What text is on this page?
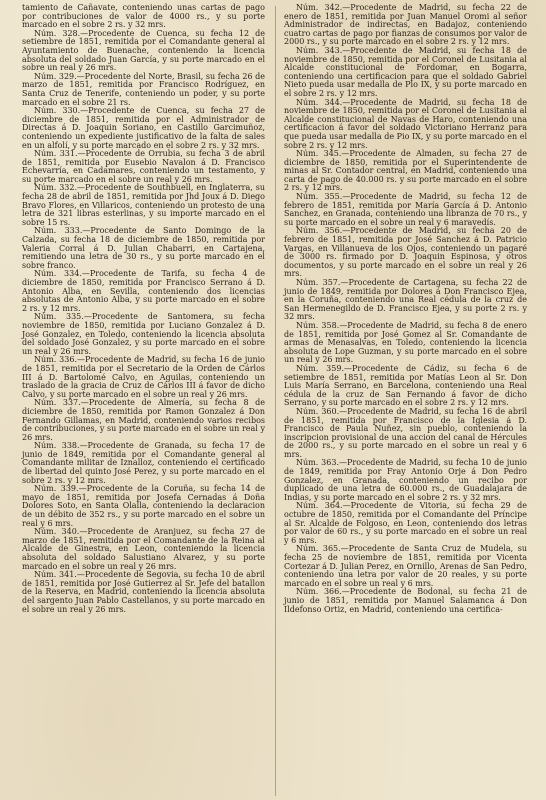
tamiento de Cañavate, conteniendo unas cartas de pago por contribuciones de valor de 4000 rs., y su porte marcado en el sobre 2 rs. y 32 mrs.

Núm. 328.—Procedente de Cuenca, su fecha 12 de setiembre de 1851, remitida por el Comandante general al Ayuntamiento de Buenache, conteniendo la licencia absoluta del soldado Juan García, y su porte marcado en el sobre un real y 26 mrs.

Núm. 329.—Procedente del Norte, Brasil, su fecha 26 de marzo de 1851, remitida por Francisco Rodríguez, en Santa Cruz de Tenerife, conteniendo un poder, y su porte marcado en el sobre 21 rs.

Núm. 330.—Procedente de Cuenca, su fecha 27 de diciembre de 1851, remitida por el Administrador de Directas á D. Joaquin Soriano, en Castillo Garcimuñoz, conteniendo un expediente justificativo de la falta de sales en un alfolí, y su porte marcado en el sobre 2 rs. y 32 mrs.

Núm. 331.—Procedente de Orrubia, su fecha 3 de abril de 1851, remitida por Eusebio Navalon á D. Francisco Echevarría, en Cadamares, conteniendo un testamento, y su porte marcado en el sobre un real y 26 mrs.

Núm. 332.—Procedente de Southbuell, en Inglaterra, su fecha 28 de abril de 1851, remitida por Jhd Joux á D. Diego Bravo Flores, en Villaricos, conteniendo un protesto de una letra de 321 libras esterlinas, y su importe marcado en el sobre 15 rs.

Núm. 333.—Procedente de Santo Domingo de la Calzada, su fecha 18 de diciembre de 1850, remitida por Valeria Corral á D. Julian Chabarri, en Cartajena, remitiendo una letra de 30 rs., y su porte marcado en el sobre franco.

Núm. 334.—Procedente de Tarifa, su fecha 4 de diciembre de 1850, remitida por Francisco Serrano á D. Antonio Alba, en Sevilla, conteniendo dos licencias absolutas de Antonio Alba, y su porte marcado en el sobre 2 rs. y 12 mrs.

Núm. 335.—Procedente de Santomera, su fecha noviembre de 1850, remitida por Luciano Gonzalez á D. José Gonzalez, en Toledo, conteniendo la licencia absoluta del soldado José Gonzalez, y su porte marcado en el sobre un real y 26 mrs.

Núm. 336.—Procedente de Madrid, su fecha 16 de junio de 1851, remitida por el Secretario de la Orden de Cárlos III á D. Bartolomé Calvo, en Aguilas, conteniendo un traslado de la gracia de Cruz de Cárlos III á favor de dicho Calvo, y su porte marcado en el sobre un real y 26 mrs.

Núm. 337.—Procedente de Almería, su fecha 8 de diciembre de 1850, remitida por Ramon Gonzalez á Don Fernando Gillamas, en Madrid, conteniendo varios recibos de contribuciones, y su porte marcado en el sobre un real y 26 mrs.

Núm. 338.—Procedente de Granada, su fecha 17 de junio de 1849, remitida por el Comandante general al Comandante militar de Iznalloz, conteniendo el certificado de libertad del quinto José Perez, y su porte marcado en el sobre 2 rs. y 12 mrs.

Núm. 339.—Procedente de la Coruña, su fecha 14 de mayo de 1851, remitida por Josefa Cernadas á Doña Dolores Soto, en Santa Olalla, conteniendo la declaracion de un débito de 352 rs., y su porte marcado en el sobre un real y 6 mrs.

Núm. 340.—Procedente de Aranjuez, su fecha 27 de marzo de 1851, remitida por el Comandante de la Reina al Alcalde de Ginestra, en Leon, conteniendo la licencia absoluta del soldado Salustiano Alvarez, y su porte marcado en el sobre un real y 26 mrs.

Núm. 341.—Procedente de Segovia, su fecha 10 de abril de 1851, remitida por José Gutierrez al Sr. Jefe del batallon de la Reserva, en Madrid, conteniendo la licencia absoluta del sargento Juan Pablo Castellanos, y su porte marcado en el sobre un real y 26 mrs.

Núm. 342.—Procedente de Madrid, su fecha 22 de enero de 1851, remitida por Juan Manuel Oromi al señor Administrador de indirectas, en Badajoz, conteniendo cuatro cartas de pago por fianzas de consumos por valor de 2000 rs., y su porte marcado en el sobre 2 rs. y 12 mrs.

Núm. 343.—Procedente de Madrid, su fecha 18 de noviembre de 1850, remitida por el Coronel de Lusitania al Alcalde constitucional de Fordomar, en Bogarra, conteniendo una certificacion para que el soldado Gabriel Nieto pueda usar medalla de Pio IX, y su porte marcado en el sobre 2 rs. y 12 mrs.

Núm. 344.—Procedente de Madrid, su fecha 18 de noviembre de 1850, remitida por el Coronel de Lusitania al Alcalde constitucional de Navas de Haro, conteniendo una certificacion á favor del soldado Victoriano Herranz para que pueda usar medalla de Pio IX, y su porte marcado en el sobre 2 rs. y 12 mrs.

Núm. 345.—Procedente de Almaden, su fecha 27 de diciembre de 1850, remitida por el Superintendente de minas al Sr. Contador central, en Madrid, conteniendo una carta de pago de 40.000 rs. y su porte marcado en el sobre 2 rs. y 12 mrs.

Núm. 355.—Procedente de Madrid, su fecha 12 de febrero de 1851, remitida por María García á D. Antonio Sanchez, en Granada, conteniendo una libranza de 70 rs., y su porte marcado en el sobre un real y 6 maravedís.

Núm. 356.—Procedente de Madrid, su fecha 20 de febrero de 1851, remitida por José Sanchez á D. Patricio Vargas, en Villanueva de los Ojos, conteniendo un pagaré de 3000 rs. firmado por D. Joaquin Espinosa, y otros documentos, y su porte marcado en el sobre un real y 26 mrs.

Núm. 357.—Procedente de Cartagena, su fecha 22 de junio de 1849, remitida por Dolores á Don Francisco Ejea, en la Coruña, conteniendo una Real cédula de la cruz de San Hermenegildo de D. Francisco Ejea, y su porte 2 rs. y 32 mrs.

Núm. 358.—Procedente de Madrid, su fecha 8 de enero de 1851, remitida por José Gomez al Sr. Comandante de armas de Menasalvas, en Toledo, conteniendo la licencia absoluta de Lope Guzman, y su porte marcado en el sobre un real y 26 mrs.

Núm. 359.—Procedente de Cádiz, su fecha 6 de setiembre de 1851, remitida por Matías Leon al Sr. Don Luis María Serrano, en Barcelona, conteniendo una Real cédula de la cruz de San Fernando á favor de dicho Serrano, y su porte marcado en el sobre 2 rs. y 12 mrs.

Núm. 360.—Procedente de Madrid, su fecha 16 de abril de 1851, remitida por Francisco de la Iglesia á D. Francisco de Paula Nuñez, sin pueblo, conteniendo la inscripcion provisional de una accion del canal de Hércules de 2000 rs., y su porte marcado en el sobre un real y 6 mrs.

Núm. 363.—Procedente de Madrid, su fecha 10 de junio de 1849, remitida por Fray Antonio Orje á Don Pedro Gonzalez, en Granada, conteniendo un recibo por duplicado de una letra de 60.000 rs., de Guadalajara de Indias, y su porte marcado en el sobre 2 rs. y 32 mrs.

Núm. 364.—Procedente de Vitoria, su fecha 29 de octubre de 1850, remitida por el Comandante del Príncipe al Sr. Alcalde de Folgoso, en Leon, conteniendo dos letras por valor de 60 rs., y su porte marcado en el sobre un real y 6 mrs.

Núm. 365.—Procedente de Santa Cruz de Mudela, su fecha 25 de noviembre de 1851, remitida por Vicenta Cortezar á D. Julian Perez, en Ornillo, Arenas de San Pedro, conteniendo una letra por valor de 20 reales, y su porte marcado en el sobre un real y 6 mrs.

Núm. 366.—Procedente de Bodonal, su fecha 21 de junio de 1851, remitida por Manuel Salamanca á Don Ildefonso Ortiz, en Madrid, conteniendo una certifica-
